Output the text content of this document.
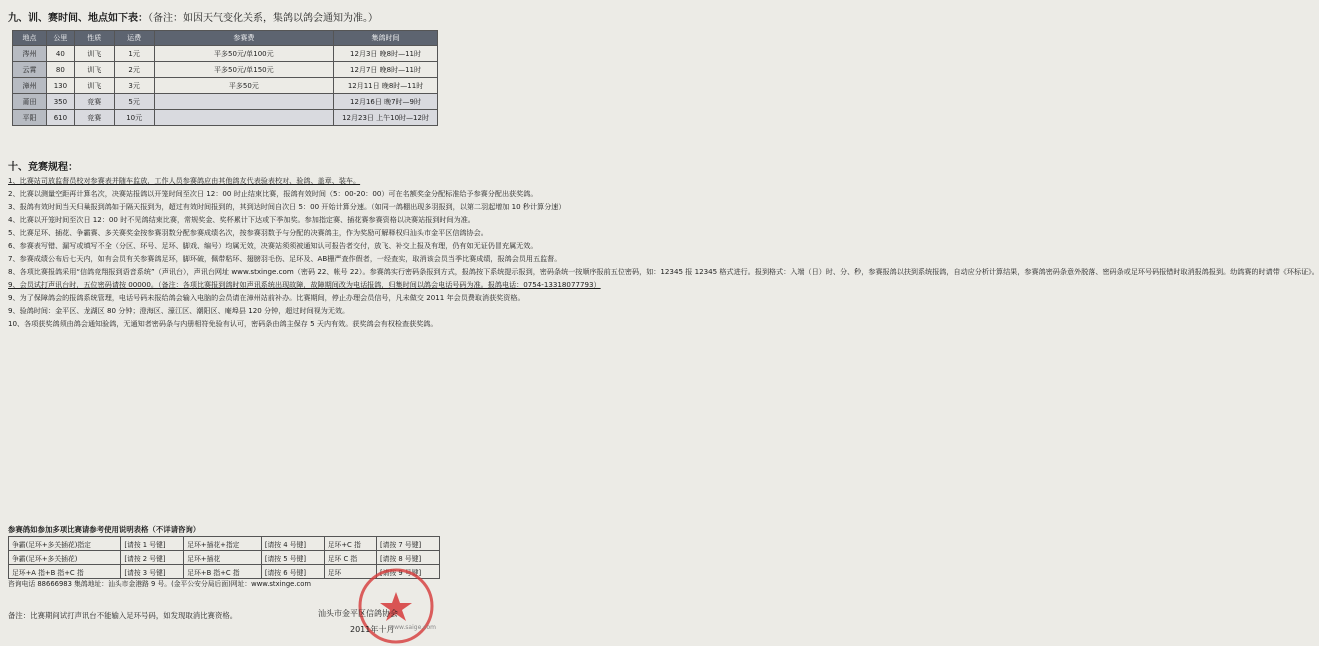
九、训、赛时间、地点如下表：（备注：如因天气变化关系，集鸽以鸽会通知为准。）
地点	公里	性质	运费	参赛费	集鸽时间
涔州	40	训飞	1元	平多50元/单100元	12月3日 晚8时—11时
云霄	80	训飞	2元	平多50元/单150元	12月7日 晚8时—11时
漳州	130	训飞	3元	平多50元	12月11日 晚8时—11时
莆田	350	竞赛	5元		12月16日 晚7时—9时
平阳	610	竞赛	10元		12月23日 上午10时—12时
十、竞赛规程：
1、比赛站司放监督员校对参赛表并随车监放，工作人员参赛鸽应由其他鸽友代表验表校对、验鸽、盖章、装车。
2、比赛以测量空距再计算名次，决赛站报鸽以开笼时间至次日 12：00 时止结束比赛，报鸽有效时间（5：00-20：00）可在名额奖金分配标准给予参赛分配出获奖鸽。
3、报鸽有效时间当天归巢报到鸽如于隔天报到为，超过有效时间报到的，其到达时间自次日 5：00 开始计算分速。（如同一鸽棚出现多羽报到，以第二羽起增加 10 秒计算分速）
4、比赛以开笼时间至次日 12：00 时不见鸽结束比赛，常规奖金、奖杯累计下达或下季加奖。参加指定赛、插花赛参赛资格以决赛站报到时间为准。
5、比赛足环、插花、争霸赛、多关赛奖金按参赛羽数分配参赛成绩名次，按参赛羽数予与分配的决赛鸽主，作为奖励可解释权归汕头市金平区信鸽协会。
6、参赛表写错、漏写或填写不全（分区、环号、足环、脚戏、编号）均属无效，决赛站须须被通知认可报告者交付，放飞、补交上报及有理，仍有如无证仍冒充属无效。
7、参赛成绩公布后七天内，如有会员有关参赛鸽足环，脚环破，佩带粘环、翅膀羽毛伤、足环及、AB栅严查作假者，一经查实，取消该会员当季比赛成绩，报鸽会员用五监督。
8、各项比赛报鸽采用“信鸽竞翔报到语音系统”（声讯台），声讯台网址 www.stxinge.com（密码 22、帐号 22）。参赛鸽实行密码条报到方式，报鸽按下系统提示报到，密码条统一按顺序报前五位密码，如：12345 报 12345 格式进行。报到格式：入端（日）时、分、秒，参赛报鸽以扶到系统报鸽，自动应分析计算结果，参赛鸽密码条意外脱落、密码条或足环号码报错时取消报鸽报到。幼鸽赛的时请带《环标证》。
9、会员试打声讯台时，五位密码请按 00000。（备注：各项比赛报到鸽时如声讯系统出现故障，故障期间改为电话报鸽，归集时间以鸽会电话号码为准。报鸽电话：0754-13318077793）
9、为了保障鸽会的报鸽系统管理，电话号码未报给鸽会输入电脑的会员请在漳州站前补办。比赛期间，停止办理会员信号，凡未做交 2011 年会员费取消获奖资格。
9、验鸽时间：金平区、龙湖区 80 分钟；澄海区、濠江区、潮阳区、庵埠县 120 分钟，超过时间视为无效。
10、各项获奖鸽须由鸽会通知验鸽，无通知者密码条与内册相符免验有认可，密码条由鸽主保存 5 天内有效。获奖鸽会有权检查获奖鸽。
参赛鸽如参加多项比赛请参考使用说明表格（不详请咨询）
争霸(足环+多关插花)指定	[请按 1 号键]	足环+插花+指定	[请按 4 号键]	足环+C 指	[请按 7 号键]
争霸(足环+多关插花)	[请按 2 号键]	足环+插花	[请按 5 号键]	足环 C 指	[请按 8 号键]
足环+A 指+B 指+C 指	[请按 3 号键]	足环+B 指+C 指	[请按 6 号键]	足环	[请按 9 号键]
咨询电话 88666983 集鸽地址：汕头市金港路 9 号。(金平公安分局后面)网址：www.stxinge.com
备注：比赛期间试打声讯台不能输入足环号码，如发现取消比赛资格。	汕头市金平区信鸽协会
2011年十月
www.saige.com
